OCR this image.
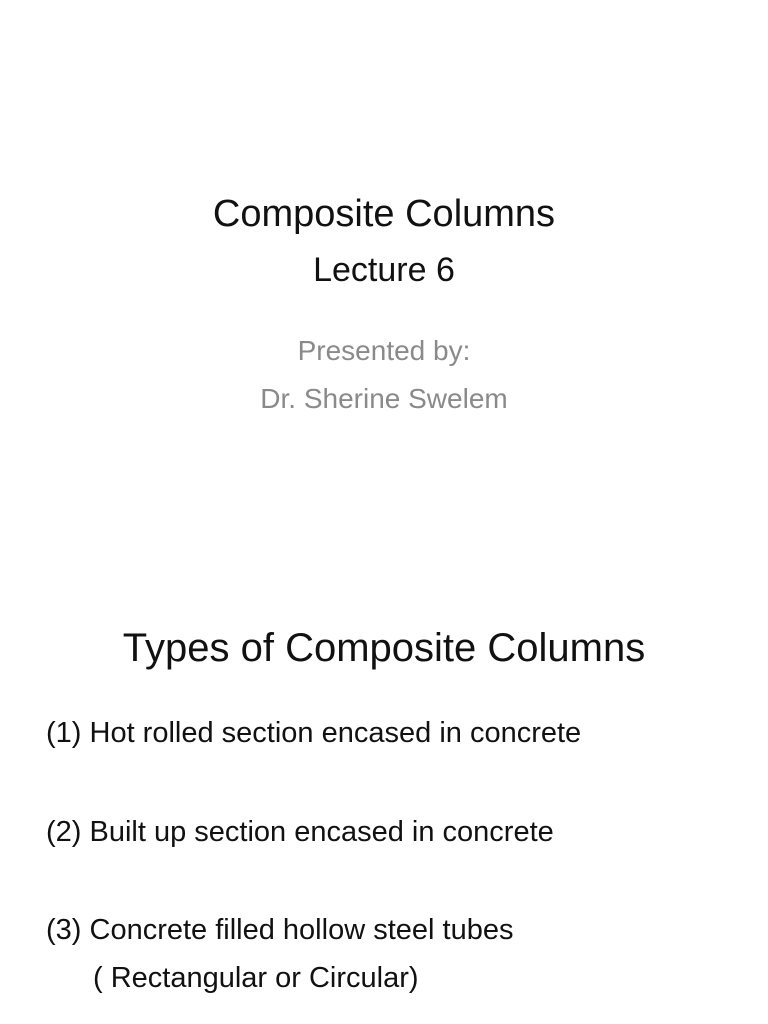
Composite Columns
Lecture 6
Presented by:
Dr. Sherine Swelem
Types of Composite Columns
(1) Hot rolled section encased in concrete
(2) Built up section encased in concrete
(3) Concrete filled hollow steel tubes
( Rectangular or Circular)
